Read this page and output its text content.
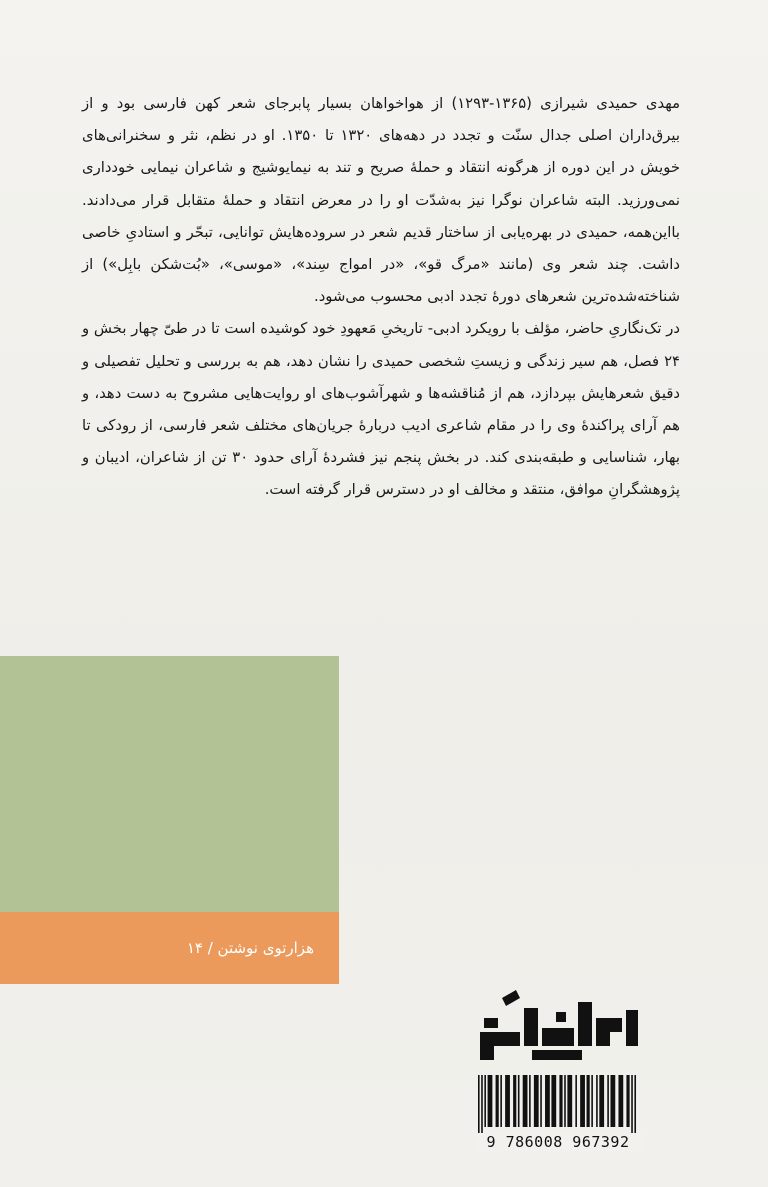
مهدی حمیدی شیرازی (۱۳۶۵-۱۲۹۳) از هواخواهان بسیار پابرجای شعر کهن فارسی بود و از بیرق‌داران اصلی جدال سنّت و تجدد در دهه‌های ۱۳۲۰ تا ۱۳۵۰. او در نظم، نثر و سخنرانی‌های خویش در این دوره از هرگونه انتقاد و حملهٔ صریح و تند به نیمایوشیج و شاعران نیمایی خودداری نمی‌ورزید. البته شاعران نوگرا نیز به‌شدّت او را در معرض انتقاد و حملهٔ متقابل قرار می‌دادند. با‌این‌همه، حمیدی در بهره‌یابی از ساختار قدیم شعر در سروده‌هایش توانایی، تبحّر و استادیِ خاصی داشت. چند شعر وی (مانند «مرگ قو»، «در امواج سِند»، «موسی»، «بُت‌شکن بابِل») از شناخته‌شده‌ترین شعرهای دورهٔ تجدد ادبی محسوب می‌شود.

در تک‌نگاریِ حاضر، مؤلف با رویکرد ادبی- تاریخیِ مَعهودِ خود کوشیده است تا در طیّ چهار بخش و ۲۴ فصل، هم سیر زندگی و زیستِ شخصی حمیدی را نشان دهد، هم به بررسی و تحلیل تفصیلی و دقیق شعرهایش بپردازد، هم از مُناقشه‌ها و شهرآشوب‌های او روایت‌هایی مشروح به دست دهد، و هم آرای پراکندهٔ وی را در مقام شاعری ادیب دربارهٔ جریان‌های مختلف شعر فارسی، از رودکی تا بهار، شناسایی و طبقه‌بندی کند. در بخش پنجم نیز فشردهٔ آرای حدود ۳۰ تن از شاعران، ادیبان و پژوهشگرانِ موافق، منتقد و مخالف او در دسترس قرار گرفته است.

هزارتوی نوشتن / ۱۴
9 786008 967392
